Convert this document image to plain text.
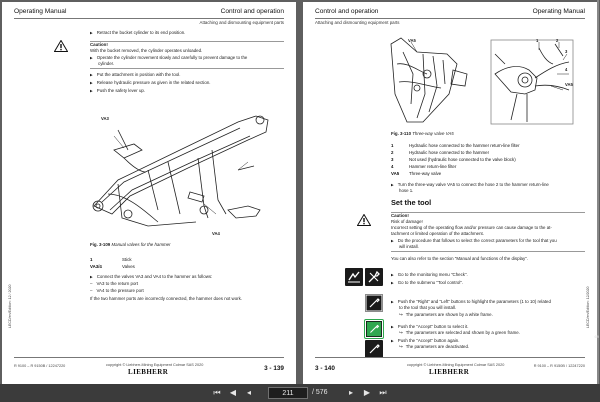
Operating Manual	Control and operation
Attaching and dismounting equipment parts
▶ Retract the bucket cylinder to its end position.
Caution!
With the bucket removed, the cylinder operates unloaded.
▶ Operate the cylinder movement slowly and carefully to prevent damage to the
cylinder.
▶ Put the attachment in position with the tool.
▶ Release hydraulic pressure as given in the related section.
▶ Push the safety lever up.
VA3
VA4
Fig. 3-109 Manual valves for the hammer
1	Stick
VA3/4	Valves
▶ Connect the valves VA3 and VA4 to the hammer as follows:
– VA3 to the return port
– VA4 to the pressure port
If the two hammer ports are incorrectly connected, the hammer does not work.
LECD/en/Edition: 12 / 2020
R 9100 – R 9150B / 12247220	copyright © Liebherr-Mining Equipment Colmar SAS 2020
LIEBHERR	3 - 139
Control and operation	Operating Manual
Attaching and dismounting equipment parts
VA5	1	2
3
4
VA5
Fig. 3-110 Three-way valve VA5
1	Hydraulic hose connected to the hammer return-line filter
2	Hydraulic hose connected to the hammer
3	Not used (hydraulic hose connected to the valve block)
4	Hammer return-line filter
VA5 Three-way valve
▶ Turn the three-way valve VA5 to connect the hose 2 to the hammer return-line
hose 1.
Set the tool
Caution!
Risk of damage!
Incorrect setting of the operating flow and/or pressure can cause damage to the at-
tachment or limited operation of the attachment.
▶ Do the procedure that follows to select the correct parameters for the tool that you
will install.
You can also refer to the section "Manual and functions of the display".
▶ Go to the monitoring menu "Check".
▶ Go to the submenu "Tool control".
▶ Push the "Right" and "Left" buttons to highlight the parameters (1 to 10) related
to the tool that you will install.
↪ The parameters are shown by a white frame.
▶ Push the "Accept" button to select it.
↪ The parameters are selected and shown by a green frame.
▶ Push the "Accept" button again.
↪ The parameters are deactivated.
LECD/en/Edition: 12/2020
3 - 140	copyright © Liebherr-Mining Equipment Colmar SAS 2020
LIEBHERR
R 9100 – R 9150B / 12247220
69
⏮ ◀	◂
211	/ 576	▸	▶ ⏭
